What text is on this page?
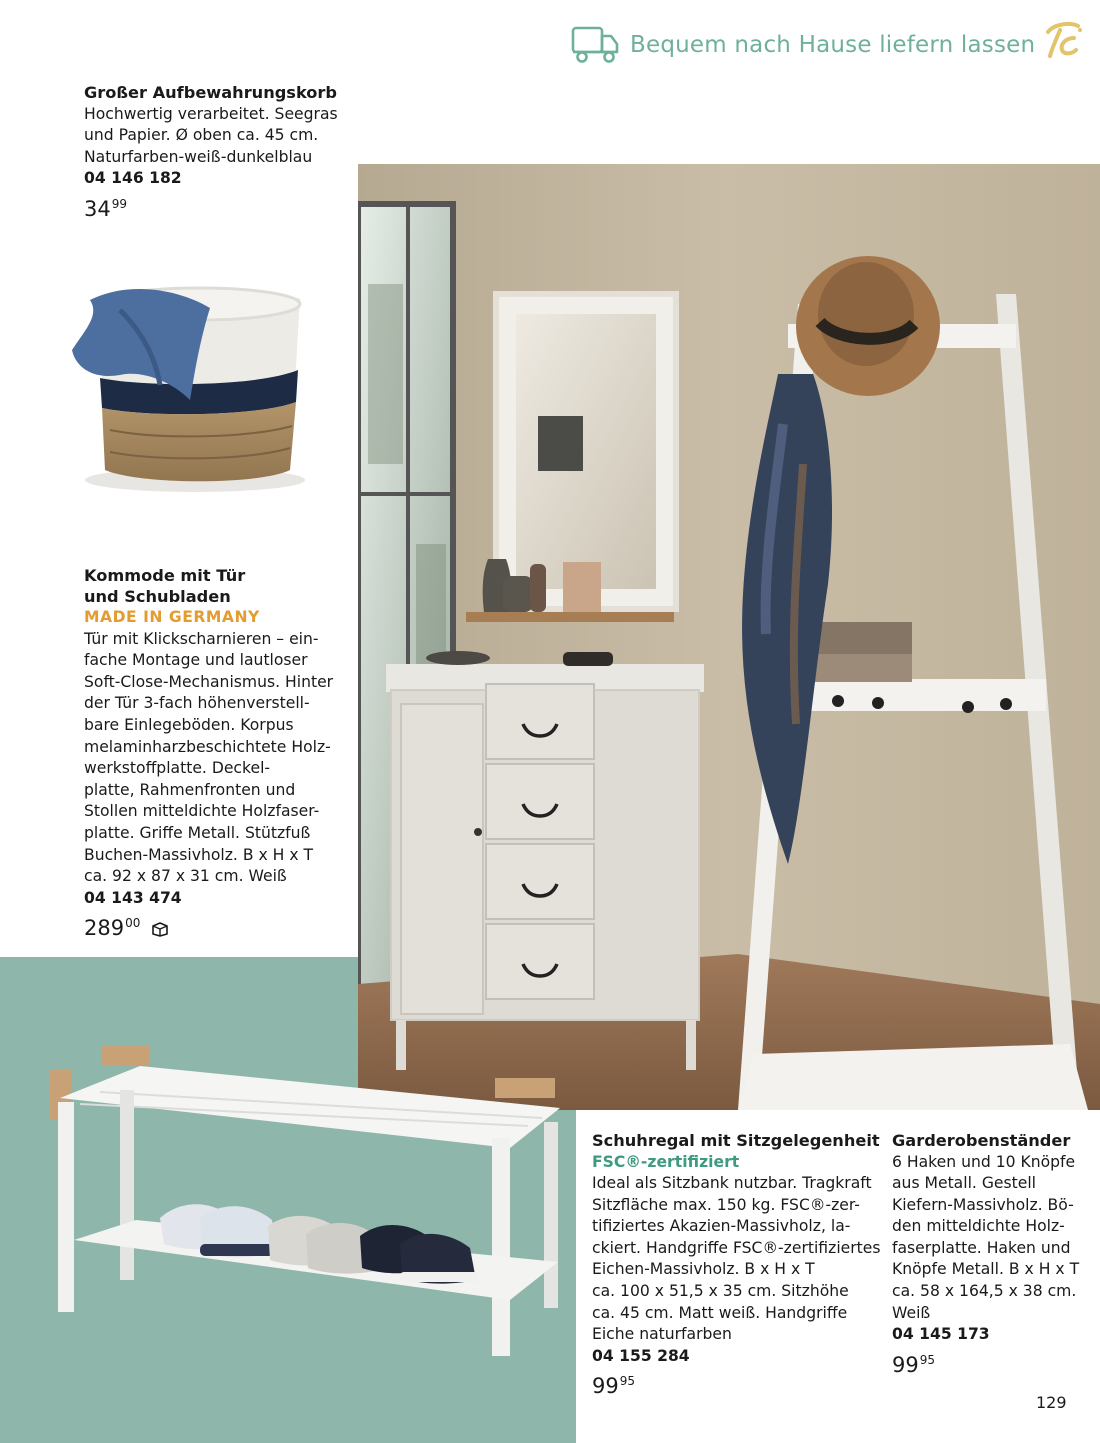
Bequem nach Hause liefern lassen
Großer Aufbewahrungskorb
Hochwertig verarbeitet. Seegras
und Papier. Ø oben ca. 45 cm.
Naturfarben-weiß-dunkelblau
04 146 182
$34^{99}$
Kommode mit Tür
und Schubladen
MADE IN GERMANY
Tür mit Klickscharnieren – ein-
fache Montage und lautloser
Soft-Close-Mechanismus. Hinter
der Tür 3-fach höhenverstell-
bare Einlegeböden. Korpus
melaminharzbeschichtete Holz-
werkstoffplatte. Deckel-
platte, Rahmenfronten und
Stollen mitteldichte Holzfaser-
platte. Griffe Metall. Stützfuß
Buchen-Massivholz. B x H x T
ca. 92 x 87 x 31 cm. Weiß
04 143 474
$289^{00}$
Schuhregal mit Sitzgelegenheit
FSC®-zertifiziert
Ideal als Sitzbank nutzbar. Tragkraft
Sitzfläche max. 150 kg. FSC®-zer-
tifiziertes Akazien-Massivholz, la-
ckiert. Handgriffe FSC®-zertifiziertes
Eichen-Massivholz. B x H x T
ca. 100 x 51,5 x 35 cm. Sitzhöhe
ca. 45 cm. Matt weiß. Handgriffe
Eiche naturfarben
04 155 284
$99^{95}$
Garderobenständer
6 Haken und 10 Knöpfe
aus Metall. Gestell
Kiefern-Massivholz. Bö-
den mitteldichte Holz-
faserplatte. Haken und
Knöpfe Metall. B x H x T
ca. 58 x 164,5 x 38 cm.
Weiß
04 145 173
$99^{95}$
129
